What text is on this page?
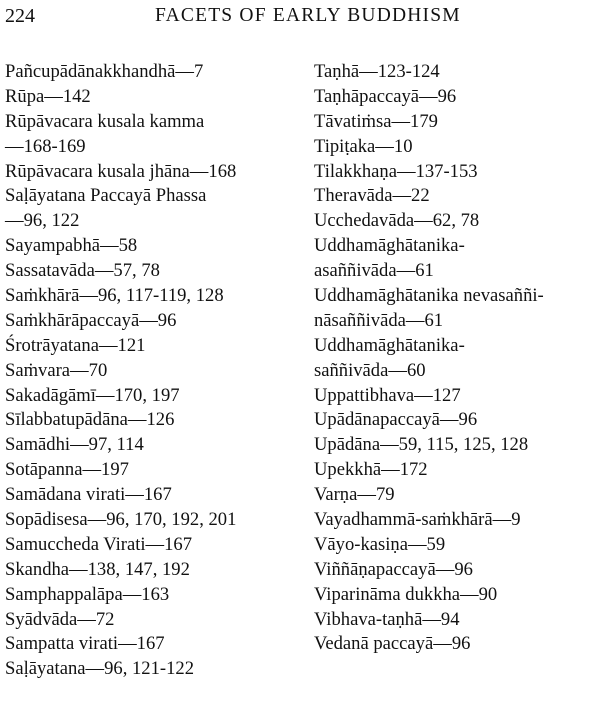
224	FACETS OF EARLY BUDDHISM
Pañcupādānakkhandhā—7
Rūpa—142
Rūpāvacara kusala kamma
—168-169
Rūpāvacara kusala jhāna—168
Saḷāyatana Paccayā Phassa
—96, 122
Sayampabhā—58
Sassatavāda—57, 78
Saṁkhārā—96, 117-119, 128
Saṁkhārāpaccayā—96
Śrotrāyatana—121
Saṁvara—70
Sakadāgāmī—170, 197
Sīlabbatupādāna—126
Samādhi—97, 114
Sotāpanna—197
Samādana virati—167
Sopādisesa—96, 170, 192, 201
Samuccheda Virati—167
Skandha—138, 147, 192
Samphappalāpa—163
Syādvāda—72
Sampatta virati—167
Saḷāyatana—96, 121-122
Taṇhā—123-124
Taṇhāpaccayā—96
Tāvatiṁsa—179
Tipiṭaka—10
Tilakkhaṇa—137-153
Theravāda—22
Ucchedavāda—62, 78
Uddhamāghātanika-
asaññivāda—61
Uddhamāghātanika nevasaññi-
nāsaññivāda—61
Uddhamāghātanika-
saññivāda—60
Uppattibhava—127
Upādānapaccayā—96
Upādāna—59, 115, 125, 128
Upekkhā—172
Varṇa—79
Vayadhammā-saṁkhārā—9
Vāyo-kasiṇa—59
Viññāṇapaccayā—96
Viparināma dukkha—90
Vibhava-taṇhā—94
Vedanā paccayā—96
